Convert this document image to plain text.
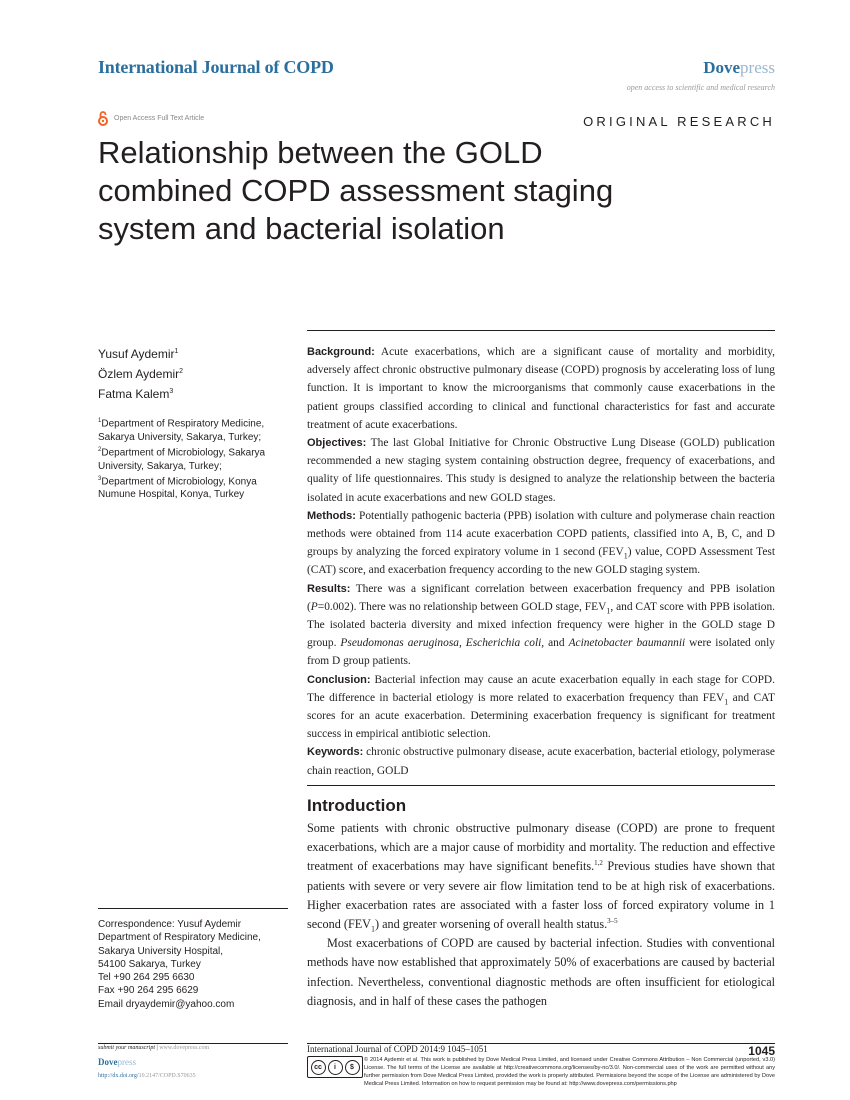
International Journal of COPD	Dovepress
open access to scientific and medical research
Open Access Full Text Article	ORIGINAL RESEARCH
Relationship between the GOLD combined COPD assessment staging system and bacterial isolation
Yusuf Aydemir$^1$
Özlem Aydemir$^2$
Fatma Kalem$^3$
$^1$Department of Respiratory Medicine, Sakarya University, Sakarya, Turkey;
$^2$Department of Microbiology, Sakarya University, Sakarya, Turkey;
$^3$Department of Microbiology, Konya Numune Hospital, Konya, Turkey

Background: Acute exacerbations, which are a significant cause of mortality and morbidity, adversely affect chronic obstructive pulmonary disease (COPD) prognosis by accelerating loss of lung function. It is important to know the microorganisms that commonly cause exacerbations in the patient groups classified according to clinical and functional characteristics for fast and accurate treatment of acute exacerbations.

Objectives: The last Global Initiative for Chronic Obstructive Lung Disease (GOLD) publication recommended a new staging system containing obstruction degree, frequency of exacerbations, and quality of life questionnaires. This study is designed to analyze the relationship between the bacteria isolated in acute exacerbations and new GOLD stages.

Methods: Potentially pathogenic bacteria (PPB) isolation with culture and polymerase chain reaction methods were obtained from 114 acute exacerbation COPD patients, classified into A, B, C, and D groups by analyzing the forced expiratory volume in 1 second $(FEV_1)$ value, COPD Assessment Test (CAT) score, and exacerbation frequency according to the new GOLD staging system.

Results: There was a significant correlation between exacerbation frequency and PPB isolation (P=0.002). There was no relationship between GOLD stage, $FEV_1$, and CAT score with PPB isolation. The isolated bacteria diversity and mixed infection frequency were higher in the GOLD stage D group. Pseudomonas aeruginosa, Escherichia coli, and Acinetobacter baumannii were isolated only from D group patients.

Conclusion: Bacterial infection may cause an acute exacerbation equally in each stage for COPD. The difference in bacterial etiology is more related to exacerbation frequency than $FEV_1$ and CAT scores for an acute exacerbation. Determining exacerbation frequency is significant for treatment success in empirical antibiotic selection.

Keywords: chronic obstructive pulmonary disease, acute exacerbation, bacterial etiology, polymerase chain reaction, GOLD

Introduction

Some patients with chronic obstructive pulmonary disease (COPD) are prone to frequent exacerbations, which are a major cause of morbidity and mortality. The reduction and effective treatment of exacerbations may have significant benefits.$^{1,2}$ Previous studies have shown that patients with severe or very severe air flow limitation tend to be at high risk of exacerbations. Higher exacerbation rates are associated with a faster loss of forced expiratory volume in 1 second $(FEV_1)$ and greater worsening of overall health status.$^{3-5}$

Most exacerbations of COPD are caused by bacterial infection. Studies with conventional methods have now established that approximately 50% of exacerbations are caused by bacterial infection. Nevertheless, conventional diagnostic methods are often insufficient for etiological diagnosis, and in half of these cases the pathogen

Correspondence: Yusuf Aydemir
Department of Respiratory Medicine,
Sakarya University Hospital,
54100 Sakarya, Turkey
Tel +90 264 295 6630
Fax +90 264 295 6629
Email dryaydemir@yahoo.com
submit your manuscript | www.dovepress.com
Dovepress
http://dx.doi.org/10.2147/COPD.S70635
International Journal of COPD 2014:9 1045–1051	1045
cc	i	$
© 2014 Aydemir et al. This work is published by Dove Medical Press Limited, and licensed under Creative Commons Attribution – Non Commercial (unported, v3.0) License. The full terms of the License are available at http://creativecommons.org/licenses/by-nc/3.0/. Non-commercial uses of the work are permitted without any further permission from Dove Medical Press Limited, provided the work is properly attributed. Permissions beyond the scope of the License are administered by Dove Medical Press Limited. Information on how to request permission may be found at: http://www.dovepress.com/permissions.php
